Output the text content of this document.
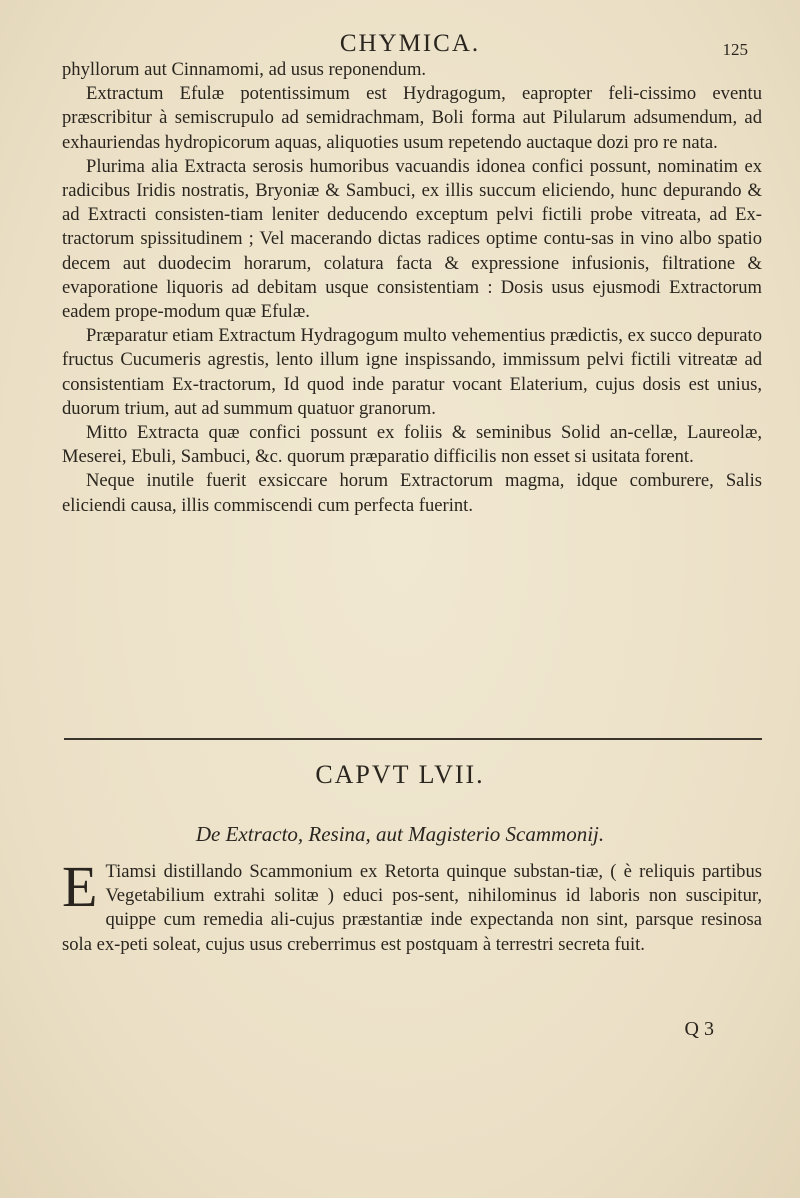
CHYMICA.	125

phyllorum aut Cinnamomi, ad usus reponendum.

Extractum Efulæ potentissimum est Hydragogum, eapropter feli-cissimo eventu præscribitur à semiscrupulo ad semidrachmam, Boli forma aut Pilularum adsumendum, ad exhauriendas hydropicorum aquas, aliquoties usum repetendo auctaque dozi pro re nata.

Plurima alia Extracta serosis humoribus vacuandis idonea confici possunt, nominatim ex radicibus Iridis nostratis, Bryoniæ & Sambuci, ex illis succum eliciendo, hunc depurando & ad Extracti consisten-tiam leniter deducendo exceptum pelvi fictili probe vitreata, ad Ex-tractorum spissitudinem ; Vel macerando dictas radices optime contu-sas in vino albo spatio decem aut duodecim horarum, colatura facta & expressione infusionis, filtratione & evaporatione liquoris ad debitam usque consistentiam : Dosis usus ejusmodi Extractorum eadem prope-modum quæ Efulæ.

Præparatur etiam Extractum Hydragogum multo vehementius prædictis, ex succo depurato fructus Cucumeris agrestis, lento illum igne inspissando, immissum pelvi fictili vitreatæ ad consistentiam Ex-tractorum, Id quod inde paratur vocant Elaterium, cujus dosis est unius, duorum trium, aut ad summum quatuor granorum.

Mitto Extracta quæ confici possunt ex foliis & seminibus Solid an-cellæ, Laureolæ, Meserei, Ebuli, Sambuci, &c. quorum præparatio difficilis non esset si usitata forent.

Neque inutile fuerit exsiccare horum Extractorum magma, idque comburere, Salis eliciendi causa, illis commiscendi cum perfecta fuerint.

CAPVT LVII.
De Extracto, Resina, aut Magisterio Scammonij.
E Tiamsi distillando Scammonium ex Retorta quinque substan-tiæ, ( è reliquis partibus Vegetabilium extrahi solitæ ) educi pos-sent, nihilominus id laboris non suscipitur, quippe cum remedia ali-cujus præstantiæ inde expectanda non sint, parsque resinosa sola ex-peti soleat, cujus usus creberrimus est postquam à terrestri secreta fuit.
Q 3
